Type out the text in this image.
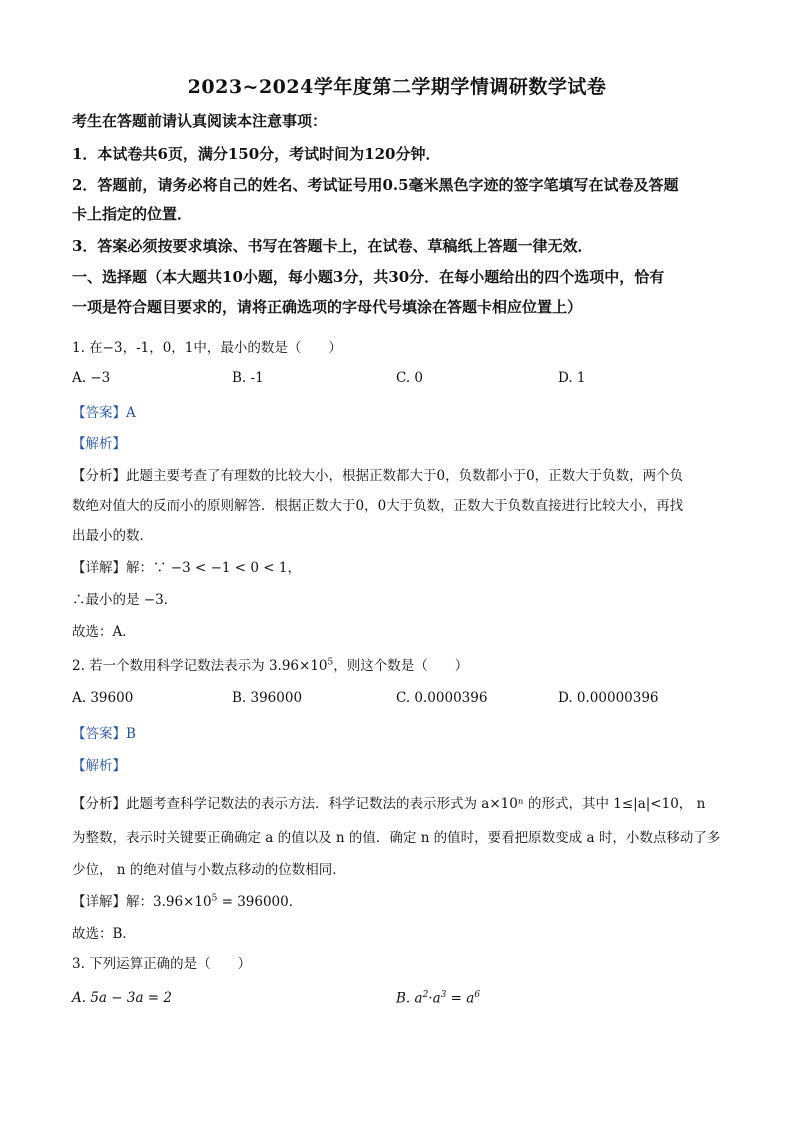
2023~2024学年度第二学期学情调研数学试卷
考生在答题前请认真阅读本注意事项：
1．本试卷共6页，满分150分，考试时间为120分钟．
2．答题前，请务必将自己的姓名、考试证号用0.5毫米黑色字迹的签字笔填写在试卷及答题
卡上指定的位置．
3．答案必须按要求填涂、书写在答题卡上，在试卷、草稿纸上答题一律无效．
一、选择题（本大题共10小题，每小题3分，共30分．在每小题给出的四个选项中，恰有
一项是符合题目要求的，请将正确选项的字母代号填涂在答题卡相应位置上）
1. 在−3，-1，0，1中，最小的数是（　　）
A. −3	B. -1	C. 0	D. 1
【答案】A
【解析】
【分析】此题主要考查了有理数的比较大小，根据正数都大于0，负数都小于0，正数大于负数，两个负
数绝对值大的反而小的原则解答．根据正数大于0，0大于负数，正数大于负数直接进行比较大小，再找
出最小的数．
【详解】解：∵ −3 < −1 < 0 < 1，
∴最小的是 −3．
故选：A．
2. 若一个数用科学记数法表示为 $3.96\times 10^5$，则这个数是（　　）
A. 39600	B. 396000	C. 0.0000396	D. 0.00000396
【答案】B
【解析】
【分析】此题考查科学记数法的表示方法．科学记数法的表示形式为 a×10ⁿ 的形式，其中 1≤|a|<10， n
为整数，表示时关键要正确确定 a 的值以及 n 的值．确定 n 的值时，要看把原数变成 a 时，小数点移动了多
少位， n 的绝对值与小数点移动的位数相同．
【详解】解：$3.96\times 10^5 = 396000$．
故选：B．
3. 下列运算正确的是（　　）
A. 5a − 3a = 2	B. $a^2\cdot a^3 = a^6$
